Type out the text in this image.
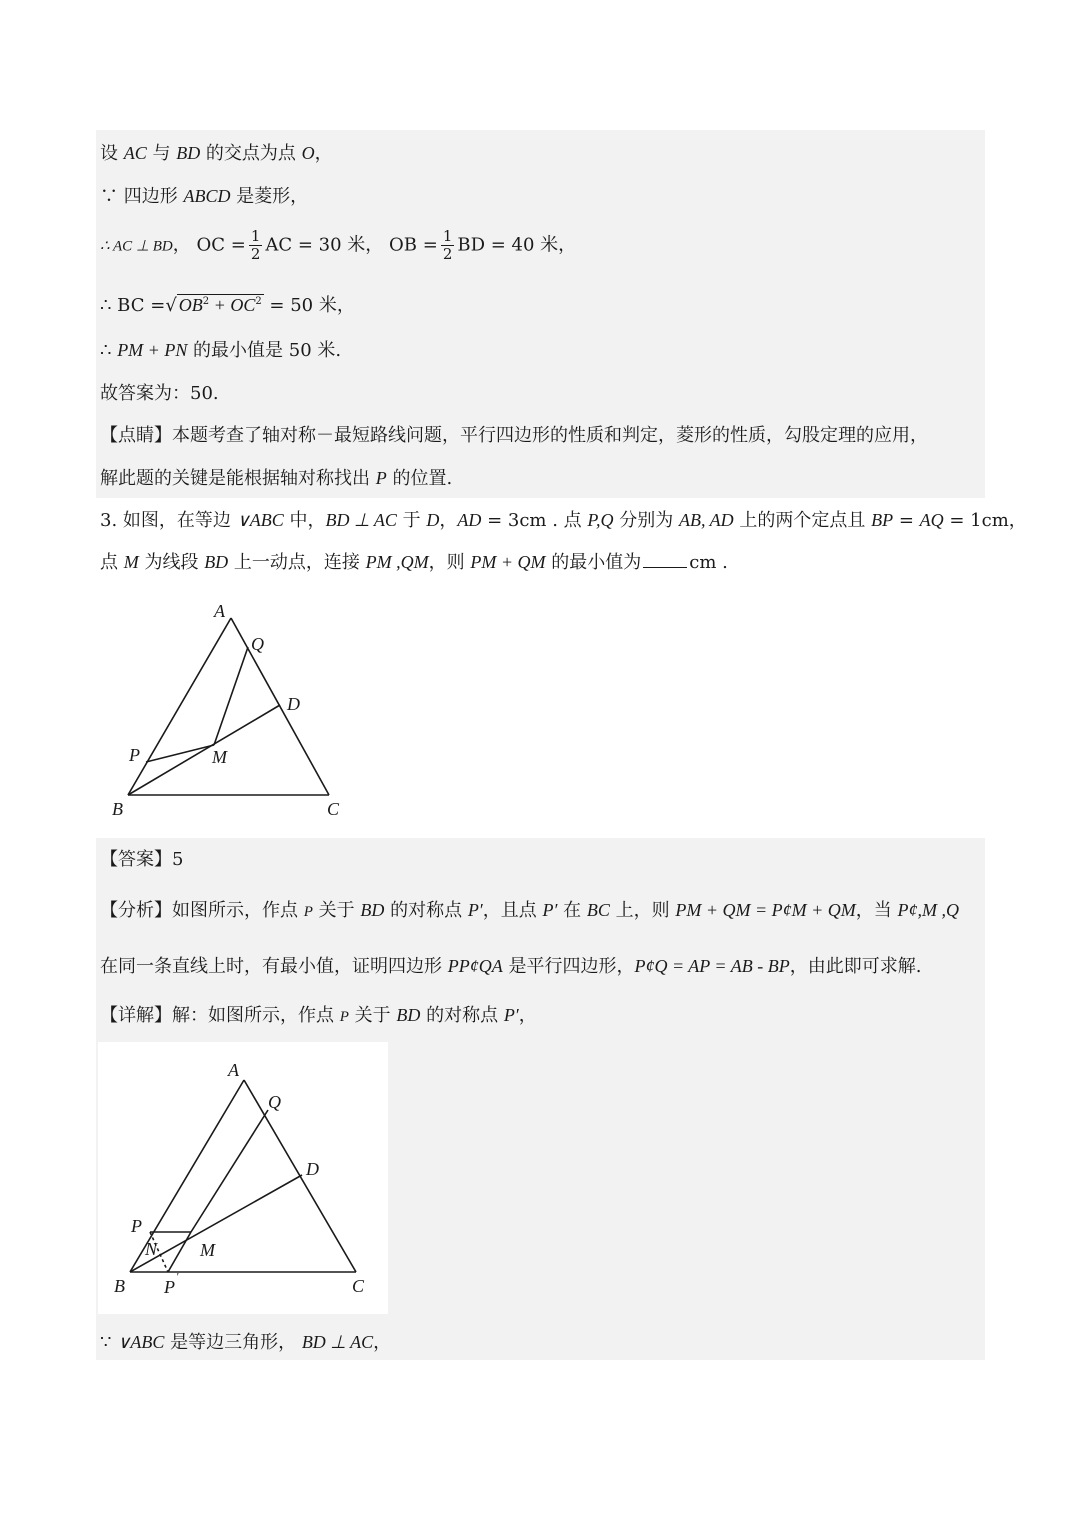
设 AC 与 BD 的交点为点 O，
∵ 四边形 ABCD 是菱形，
∴ AC ⊥ BD， OC = $\frac{1}{2}$ AC = 30 米， OB = $\frac{1}{2}$ BD = 40 米，
∴ BC =√ $OB^2 + OC^2 = 50$ 米，
∴ PM + PN 的最小值是 50 米.
故答案为：50.
【点睛】本题考查了轴对称－最短路线问题，平行四边形的性质和判定，菱形的性质，勾股定理的应用，
解此题的关键是能根据轴对称找出 P 的位置.
3. 如图，在等边 ∨ABC 中，BD ⊥ AC 于 D，AD = 3cm . 点 P,Q 分别为 AB, AD 上的两个定点且 BP = AQ = 1cm，
点 M 为线段 BD 上一动点，连接 PM ,QM，则 PM + QM 的最小值为	cm .
A
Q
D
P	M
B	C
【答案】5
【分析】如图所示，作点 P 关于 BD 的对称点 P′，且点 P′ 在 BC 上，则 PM + QM = P¢M + QM，当 P¢,M ,Q
在同一条直线上时，有最小值，证明四边形 PP¢QA 是平行四边形，P¢Q = AP = AB - BP，由此即可求解.
【详解】解：如图所示，作点 P 关于 BD 的对称点 P′，
A
Q
D
P
N M
B P '	C
∵ ∨ABC 是等边三角形， BD ⊥ AC，
